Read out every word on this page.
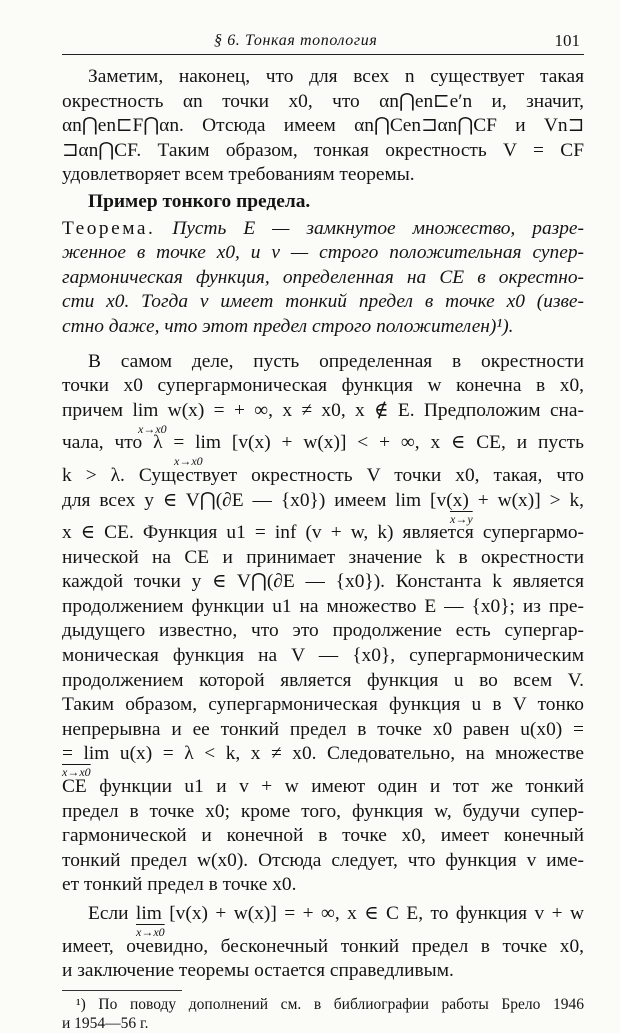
§ 6. Тонкая топология	101
Заметим, наконец, что для всех n существует такая
окрестность αn точки x0, что αn⋂en⊏e′n и, значит,
αn⋂en⊏F⋂αn. Отсюда имеем αn⋂Cen⊐αn⋂CF и Vn⊐
⊐αn⋂CF. Таким образом, тонкая окрестность V = CF
удовлетворяет всем требованиям теоремы.
Пример тонкого предела.
Теорема. Пусть E — замкнутое множество, разре-
женное в точке x0, и v — строго положительная супер-
гармоническая функция, определенная на CE в окрестно-
сти x0. Тогда v имеет тонкий предел в точке x0 (изве-
стно даже, что этот предел строго положителен)¹).
В самом деле, пусть определенная в окрестности
точки x0 супергармоническая функция w конечна в x0,
причем lim w(x) = + ∞, x ≠ x0, x ∉ E. Предположим сна-
x→x0
чала, что λ = lim [v(x) + w(x)] < + ∞, x ∈ CE, и пусть
x→x0
k > λ. Существует окрестность V точки x0, такая, что
для всех y ∈ V⋂(∂E — {x0}) имеем lim [v(x) + w(x)] > k,
x→y
x ∈ CE. Функция u1 = inf (v + w, k) является супергармо-
нической на CE и принимает значение k в окрестности
каждой точки y ∈ V⋂(∂E — {x0}). Константа k является
продолжением функции u1 на множество E — {x0}; из пре-
дыдущего известно, что это продолжение есть супергар-
моническая функция на V — {x0}, супергармоническим
продолжением которой является функция u во всем V.
Таким образом, супергармоническая функция u в V тонко
непрерывна и ее тонкий предел в точке x0 равен u(x0) =
= lim u(x) = λ < k, x ≠ x0. Следовательно, на множестве
x→x0
CE функции u1 и v + w имеют один и тот же тонкий
предел в точке x0; кроме того, функция w, будучи супер-
гармонической и конечной в точке x0, имеет конечный
тонкий предел w(x0). Отсюда следует, что функция v име-
ет тонкий предел в точке x0.
Если lim [v(x) + w(x)] = + ∞, x ∈ C E, то функция v + w
x→x0
имеет, очевидно, бесконечный тонкий предел в точке x0,
и заключение теоремы остается справедливым.
¹) По поводу дополнений см. в библиографии работы Брело 1946
и 1954—56 г.
